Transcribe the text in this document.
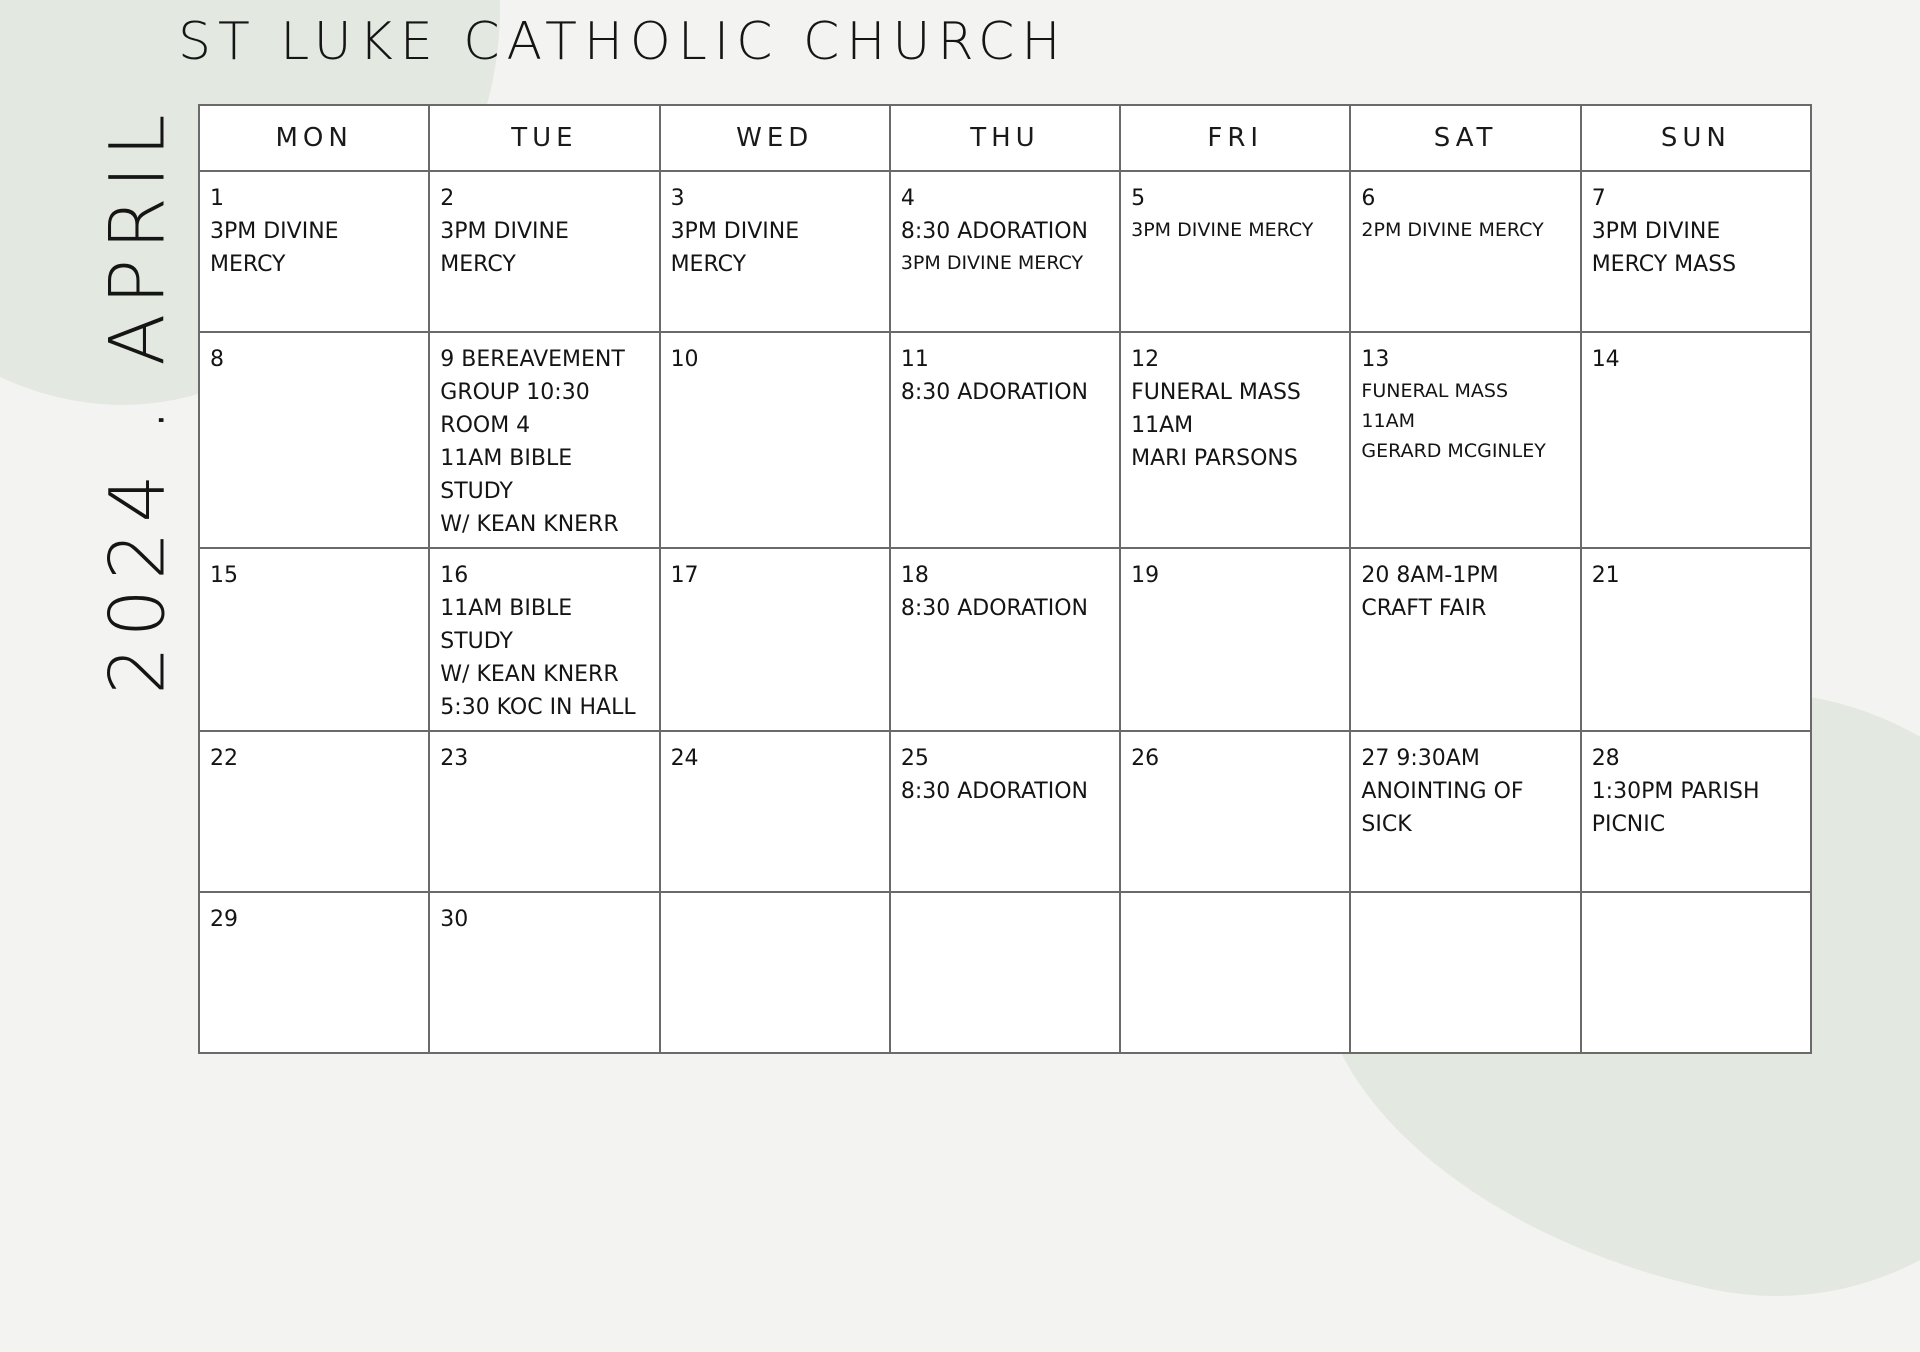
ST LUKE CATHOLIC CHURCH
2024 . APRIL	MON	TUE	WED	THU	FRI	SAT	SUN

1
3PM DIVINE
MERCY	2
3PM DIVINE
MERCY	3
3PM DIVINE
MERCY	4
8:30 ADORATION
3PM DIVINE MERCY	5
3PM DIVINE MERCY	6
2PM DIVINE MERCY	7
3PM DIVINE
MERCY MASS

8	9 BEREAVEMENT
GROUP 10:30
ROOM 4
11AM BIBLE STUDY
W/ KEAN KNERR	10	11
8:30 ADORATION	12
FUNERAL MASS
11AM
MARI PARSONS	13
FUNERAL MASS
11AM
GERARD MCGINLEY	14

15	16
11AM BIBLE STUDY
W/ KEAN KNERR
5:30 KOC IN HALL	17	18
8:30 ADORATION	19	20 8AM-1PM
CRAFT FAIR	21

22	23	24	25
8:30 ADORATION	26	27 9:30AM
ANOINTING OF
SICK	28
1:30PM PARISH
PICNIC

29	30					
